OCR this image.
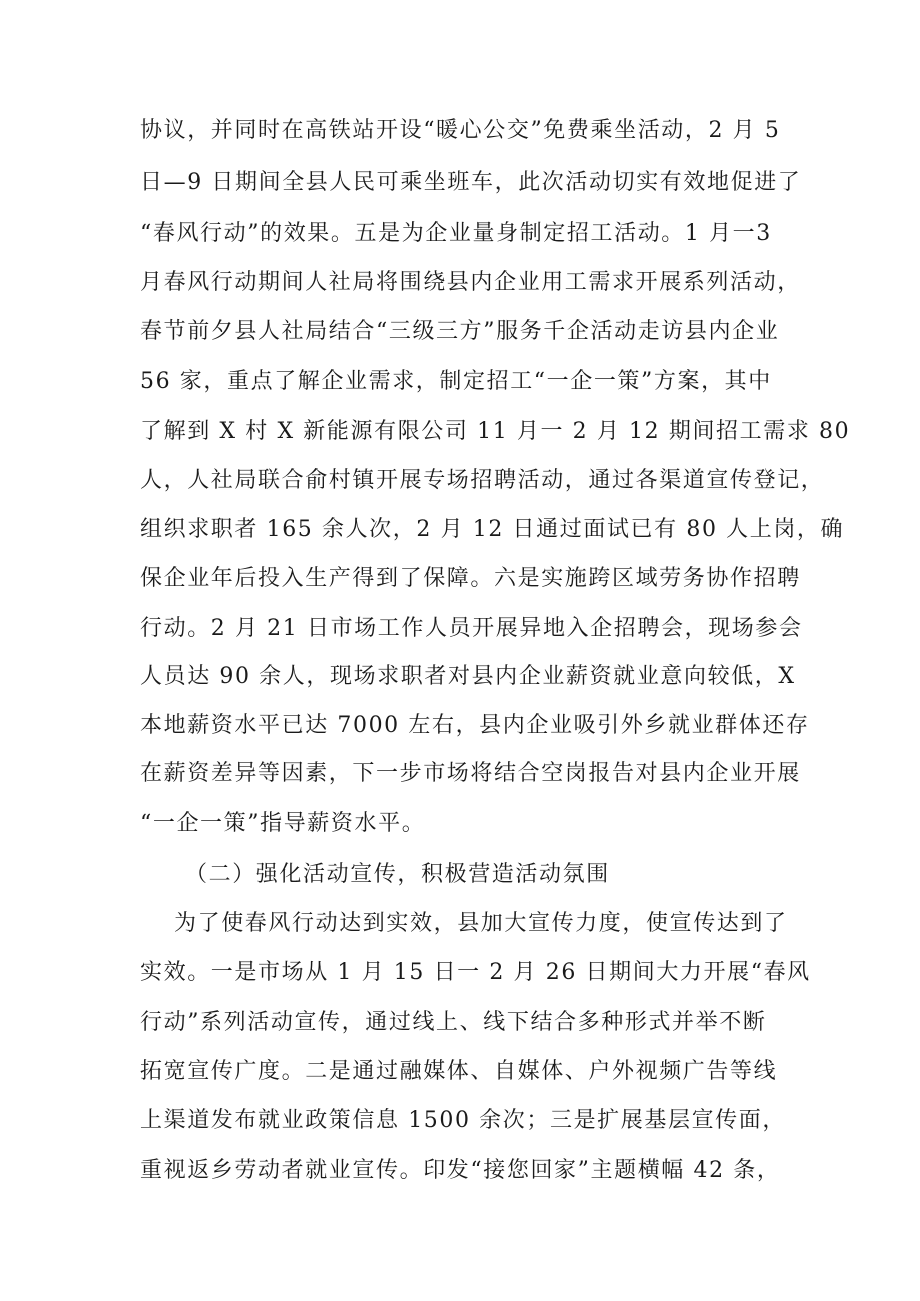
协议，并同时在高铁站开设“暖心公交”免费乘坐活动，2 月 5
日—9 日期间全县人民可乘坐班车，此次活动切实有效地促进了
“春风行动”的效果。五是为企业量身制定招工活动。1 月一3
月春风行动期间人社局将围绕县内企业用工需求开展系列活动，
春节前夕县人社局结合“三级三方”服务千企活动走访县内企业
56 家，重点了解企业需求，制定招工“一企一策”方案，其中
了解到 X 村 X 新能源有限公司 11 月一 2 月 12 期间招工需求 80
人，人社局联合俞村镇开展专场招聘活动，通过各渠道宣传登记，
组织求职者 165 余人次，2 月 12 日通过面试已有 80 人上岗，确
保企业年后投入生产得到了保障。六是实施跨区域劳务协作招聘
行动。2 月 21 日市场工作人员开展异地入企招聘会，现场参会
人员达 90 余人，现场求职者对县内企业薪资就业意向较低，X
本地薪资水平已达 7000 左右，县内企业吸引外乡就业群体还存
在薪资差异等因素，下一步市场将结合空岗报告对县内企业开展
“一企一策”指导薪资水平。
（二）强化活动宣传，积极营造活动氛围
为了使春风行动达到实效，县加大宣传力度，使宣传达到了
实效。一是市场从 1 月 15 日一 2 月 26 日期间大力开展“春风
行动”系列活动宣传，通过线上、线下结合多种形式并举不断
拓宽宣传广度。二是通过融媒体、自媒体、户外视频广告等线
上渠道发布就业政策信息 1500 余次；三是扩展基层宣传面，
重视返乡劳动者就业宣传。印发“接您回家”主题横幅 42 条，
